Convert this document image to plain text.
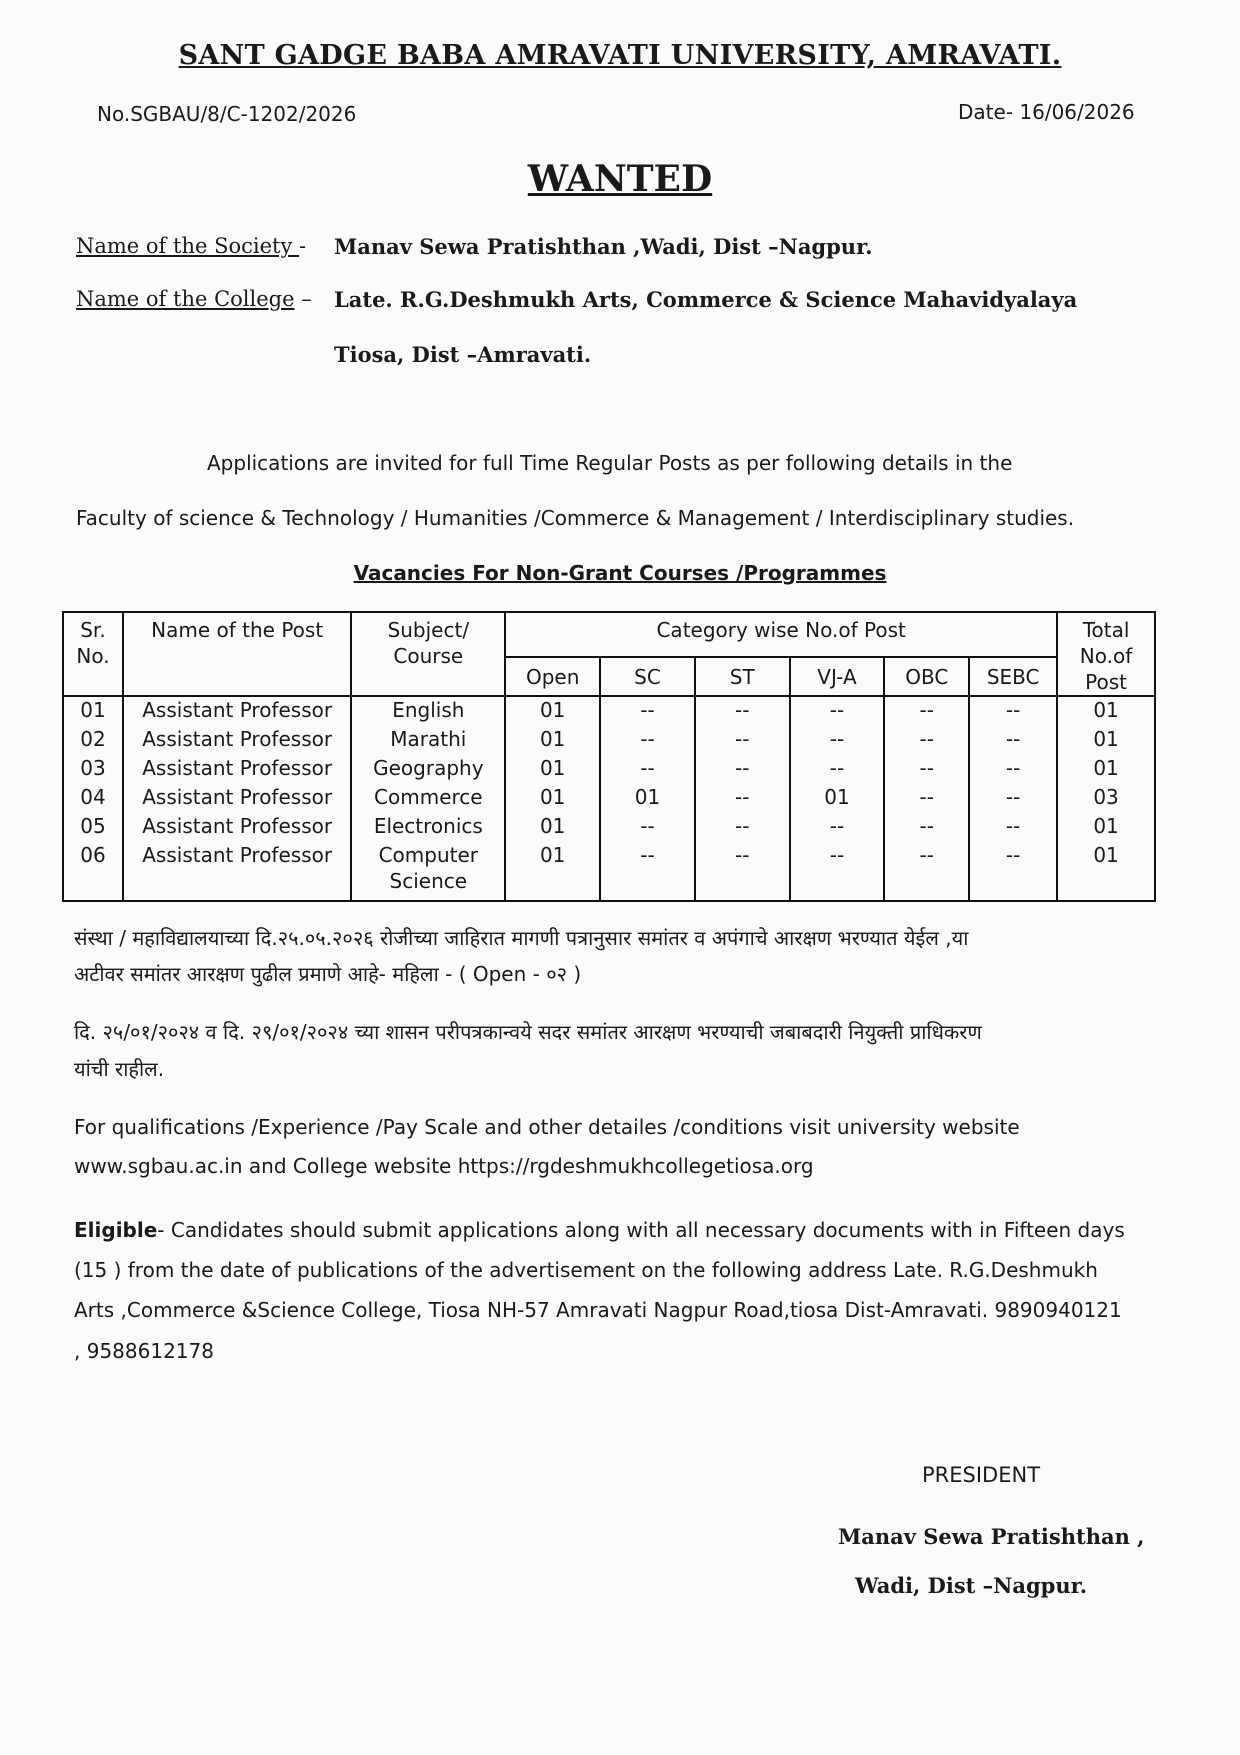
SANT GADGE BABA AMRAVATI UNIVERSITY, AMRAVATI.
No.SGBAU/8/C-1202/2026	Date- 16/06/2026
WANTED
Name of the Society - Manav Sewa Pratishthan ,Wadi, Dist –Nagpur.
Name of the College – Late. R.G.Deshmukh Arts, Commerce & Science Mahavidyalaya
Tiosa, Dist –Amravati.
Applications are invited for full Time Regular Posts as per following details in the
Faculty of science & Technology / Humanities /Commerce & Management / Interdisciplinary studies.
Vacancies For Non-Grant Courses /Programmes
Sr. No.	Name of the Post	Subject/ Course	Category wise No.of Post						Total No.of Post
			Open	SC	ST	VJ-A	OBC	SEBC	
01	Assistant Professor	English	01	--	--	--	--	--	01
02	Assistant Professor	Marathi	01	--	--	--	--	--	01
03	Assistant Professor	Geography	01	--	--	--	--	--	01
04	Assistant Professor	Commerce	01	01	--	01	--	--	03
05	Assistant Professor	Electronics	01	--	--	--	--	--	01
06	Assistant Professor	Computer Science	01	--	--	--	--	--	01
संस्था / महाविद्यालयाच्या दि.२५.०५.२०२६ रोजीच्या जाहिरात मागणी पत्रानुसार समांतर व अपंगाचे आरक्षण भरण्यात येईल ,या
अटीवर समांतर आरक्षण पुढील प्रमाणे आहे- महिला - ( Open - ०२ )
दि. २५/०१/२०२४ व दि. २९/०१/२०२४ च्या शासन परीपत्रकान्वये सदर समांतर आरक्षण भरण्याची जबाबदारी नियुक्ती प्राधिकरण
यांची राहील.
For qualifications /Experience /Pay Scale and other detailes /conditions visit university website
www.sgbau.ac.in and College website https://rgdeshmukhcollegetiosa.org
Eligible- Candidates should submit applications along with all necessary documents with in Fifteen days
(15 ) from the date of publications of the advertisement on the following address Late. R.G.Deshmukh
Arts ,Commerce &Science College, Tiosa NH-57 Amravati Nagpur Road,tiosa Dist-Amravati. 9890940121
, 9588612178
PRESIDENT
Manav Sewa Pratishthan ,
Wadi, Dist –Nagpur.
